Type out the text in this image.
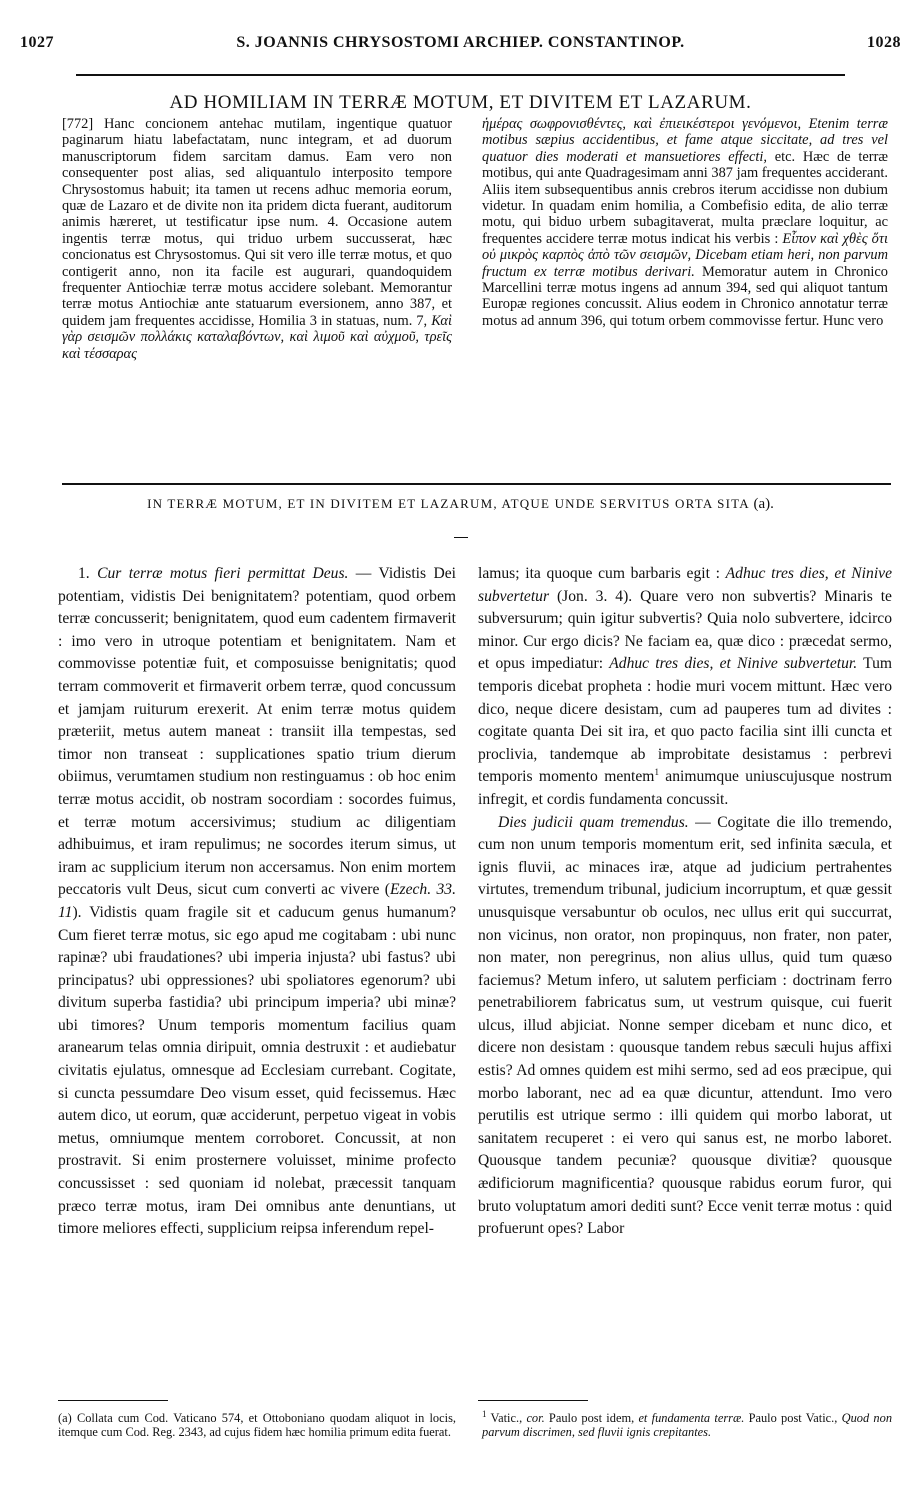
1027	S. JOANNIS CHRYSOSTOMI ARCHIEP. CONSTANTINOP.	1028
AD HOMILIAM IN TERRÆ MOTUM, ET DIVITEM ET LAZARUM.

[772] Hanc concionem antehac mutilam, ingentique quatuor paginarum hiatu labefactatam, nunc integram, et ad duorum manuscriptorum fidem sarcitam damus. Eam vero non consequenter post alias, sed aliquantulo interposito tempore Chrysostomus habuit; ita tamen ut recens adhuc memoria eorum, quæ de Lazaro et de divite non ita pridem dicta fuerant, auditorum animis hæreret, ut testificatur ipse num. 4. Occasione autem ingentis terræ motus, qui triduo urbem succusserat, hæc concionatus est Chrysostomus. Qui sit vero ille terræ motus, et quo contigerit anno, non ita facile est augurari, quandoquidem frequenter Antiochiæ terræ motus accidere solebant. Memorantur terræ motus Antiochiæ ante statuarum eversionem, anno 387, et quidem jam frequentes accidisse, Homilia 3 in statuas, num. 7, Καὶ γὰρ σεισμῶν πολλάκις καταλαβόντων, καὶ λιμοῦ καὶ αὐχμοῦ, τρεῖς καὶ τέσσαρας

ἡμέρας σωφρονισθέντες, καὶ ἐπιεικέστεροι γενόμενοι, Etenim terræ motibus sæpius accidentibus, et fame atque siccitate, ad tres vel quatuor dies moderati et mansuetiores effecti, etc. Hæc de terræ motibus, qui ante Quadragesimam anni 387 jam frequentes acciderant. Aliis item subsequentibus annis crebros iterum accidisse non dubium videtur. In quadam enim homilia, a Combefisio edita, de alio terræ motu, qui biduo urbem subagitaverat, multa præclare loquitur, ac frequentes accidere terræ motus indicat his verbis : Εἶπον καὶ χθὲς ὅτι οὐ μικρὸς καρπὸς ἀπὸ τῶν σεισμῶν, Dicebam etiam heri, non parvum fructum ex terræ motibus derivari. Memoratur autem in Chronico Marcellini terræ motus ingens ad annum 394, sed qui aliquot tantum Europæ regiones concussit. Alius eodem in Chronico annotatur terræ motus ad annum 396, qui totum orbem commovisse fertur. Hunc vero

IN TERRÆ MOTUM, ET IN DIVITEM ET LAZARUM, ATQUE UNDE SERVITUS ORTA SITA (a).

1. Cur terræ motus fieri permittat Deus. — Vidistis Dei potentiam, vidistis Dei benignitatem? potentiam, quod orbem terræ concusserit; benignitatem, quod eum cadentem firmaverit : imo vero in utroque potentiam et benignitatem. Nam et commovisse potentiæ fuit, et composuisse benignitatis; quod terram commoverit et firmaverit orbem terræ, quod concussum et jamjam ruiturum erexerit. At enim terræ motus quidem præteriit, metus autem maneat : transiit illa tempestas, sed timor non transeat : supplicationes spatio trium dierum obiimus, verumtamen studium non restinguamus : ob hoc enim terræ motus accidit, ob nostram socordiam : socordes fuimus, et terræ motum accersivimus; studium ac diligentiam adhibuimus, et iram repulimus; ne socordes iterum simus, ut iram ac supplicium iterum non accersamus. Non enim mortem peccatoris vult Deus, sicut cum converti ac vivere (Ezech. 33. 11). Vidistis quam fragile sit et caducum genus humanum? Cum fieret terræ motus, sic ego apud me cogitabam : ubi nunc rapinæ? ubi fraudationes? ubi imperia injusta? ubi fastus? ubi principatus? ubi oppressiones? ubi spoliatores egenorum? ubi divitum superba fastidia? ubi principum imperia? ubi minæ? ubi timores? Unum temporis momentum facilius quam aranearum telas omnia diripuit, omnia destruxit : et audiebatur civitatis ejulatus, omnesque ad Ecclesiam currebant. Cogitate, si cuncta pessumdare Deo visum esset, quid fecissemus. Hæc autem dico, ut eorum, quæ acciderunt, perpetuo vigeat in vobis metus, omniumque mentem corroboret. Concussit, at non prostravit. Si enim prosternere voluisset, minime profecto concussisset : sed quoniam id nolebat, præcessit tanquam præco terræ motus, iram Dei omnibus ante denuntians, ut timore meliores effecti, supplicium reipsa inferendum repel-

(a) Collata cum Cod. Vaticano 574, et Ottoboniano quodam aliquot in locis, itemque cum Cod. Reg. 2343, ad cujus fidem hæc homilia primum edita fuerat.

lamus; ita quoque cum barbaris egit : Adhuc tres dies, et Ninive subvertetur (Jon. 3. 4). Quare vero non subvertis? Minaris te subversurum; quin igitur subvertis? Quia nolo subvertere, idcirco minor. Cur ergo dicis? Ne faciam ea, quæ dico : præcedat sermo, et opus impediatur: Adhuc tres dies, et Ninive subvertetur. Tum temporis dicebat propheta : hodie muri vocem mittunt. Hæc vero dico, neque dicere desistam, cum ad pauperes tum ad divites : cogitate quanta Dei sit ira, et quo pacto facilia sint illi cuncta et proclivia, tandemque ab improbitate desistamus : perbrevi temporis momento mentem$^1$ animumque uniuscujusque nostrum infregit, et cordis fundamenta concussit.

Dies judicii quam tremendus. — Cogitate die illo tremendo, cum non unum temporis momentum erit, sed infinita sæcula, et ignis fluvii, ac minaces iræ, atque ad judicium pertrahentes virtutes, tremendum tribunal, judicium incorruptum, et quæ gessit unusquisque versabuntur ob oculos, nec ullus erit qui succurrat, non vicinus, non orator, non propinquus, non frater, non pater, non mater, non peregrinus, non alius ullus, quid tum quæso faciemus? Metum infero, ut salutem perficiam : doctrinam ferro penetrabiliorem fabricatus sum, ut vestrum quisque, cui fuerit ulcus, illud abjiciat. Nonne semper dicebam et nunc dico, et dicere non desistam : quousque tandem rebus sæculi hujus affixi estis? Ad omnes quidem est mihi sermo, sed ad eos præcipue, qui morbo laborant, nec ad ea quæ dicuntur, attendunt. Imo vero perutilis est utrique sermo : illi quidem qui morbo laborat, ut sanitatem recuperet : ei vero qui sanus est, ne morbo laboret. Quousque tandem pecuniæ? quousque divitiæ? quousque ædificiorum magnificentia? quousque rabidus eorum furor, qui bruto voluptatum amori dediti sunt? Ecce venit terræ motus : quid profuerunt opes? Labor

$^1$ Vatic., cor. Paulo post idem, et fundamenta terræ. Paulo post Vatic., Quod non parvum discrimen, sed fluvii ignis crepitantes.
